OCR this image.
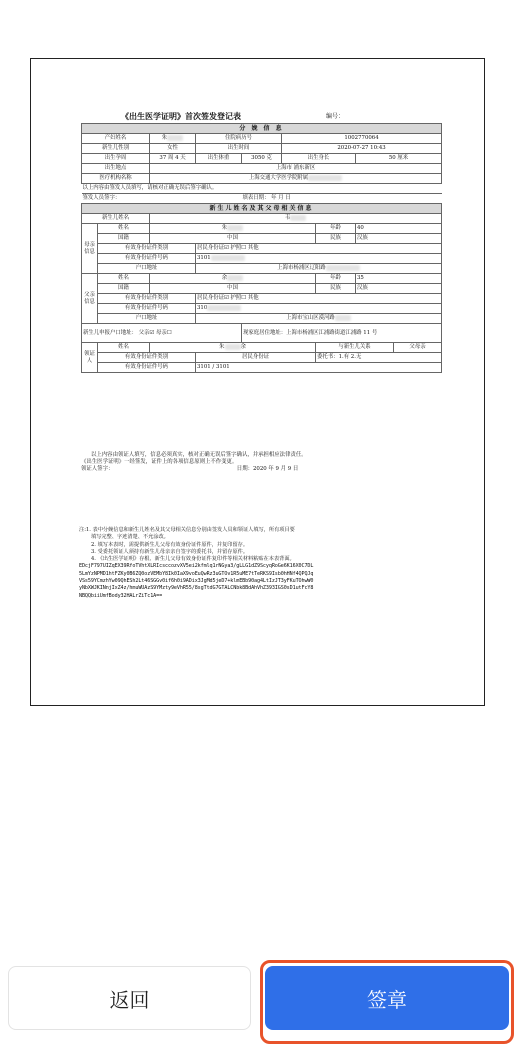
《出生医学证明》首次签发登记表	编号：
分 娩 信 息								
产妇姓名		朱	住院病历号		1002770064			
新生儿性别		女性	出生时间		2020-07-27 10:43			
出生孕周		37 周 4 天	出生体重	3050 克	出生身长		50 厘米	
出生地点		上海市 浦东新区						
医疗机构名称		上海交通大学医学院附属						
以上内容由签发人员填写，请核对正确无误后签字确认。								
签发人员签字：				填表日期： 年 月 日				
新生儿姓名及其父母相关信息								
新生儿姓名		韦						
母亲信息	姓名	朱				年龄	40	
	国籍	中国				民族	汉族	
	有效身份证件类别		居民身份证☑ 护照☐ 其他					
	有效身份证件号码		3101					
	户口地址		上海市杨浦区辽阳路					
父亲信息	姓名	余				年龄	35	
	国籍	中国				民族	汉族	
	有效身份证件类别		居民身份证☑ 护照☐ 其他					
	有效身份证件号码		310					
	户口地址		上海市宝山区漠河路					
新生儿申报户口地址： 父亲☑ 母亲☐				现家庭居住地址：上海市杨浦区江浦路街道江浦路 11 号				
领证人	姓名	朱 余				与新生儿关系		父母亲
	有效身份证件类别		居民身份证			委托书：1.有 2.无		
	有效身份证件号码		3101 / 3101					
以上内容由领证人填写，信息必须真实，核对正确无误后签字确认，并承担相应法律责任。
《出生医学证明》一经签发，证件上的各项信息原则上不作变更。
领证人签字：	日期：2020 年 9 月 9 日
注:1. 表中分娩信息和新生儿姓名及其父母相关信息分别由签发人员和领证人填写，所有项目要
填写完整、字迹清楚、不允涂改。
2. 填写本表时，需提供新生儿父母有效身份证件原件，并复印留存。
3. 受委托领证人须持有新生儿母亲亲自签字的委托书，并留存原件。
4. 《出生医学证明》存根、新生儿父母有效身份证件复印件等相关材料粘贴在本表背面。
EDcjF797UIZqEX39RfoTVhtXLRIcsccozvXV5ei2kfmlq1rNGya3/gLLG1dZ9ScyqRoGe6K16X0C7DL
5LmYzNPMD1htFZKy0B6ZQ0ozVEMbY8Ik0IaX9voEuQwRz3uGTOv1R5uME7tTeRKS9Isb0hHNf4QPQJq
VSs59YCmzhYw09QhESh2Lt46SGGv0if6h0i9ADix3JgMd5jeD7+klmEBb90ag4LtIzJT3yFKuTOhwW0
yNbXWJKINnjIxZ4z/hmuWUAzS9YMzty9eVhR55/8sgTtdG7GTALCNbk8BdAhVhZ393IGS0sD1utFcY8
NBQQbiiUmfBody32HALrZiTc1A==
返回	签章
